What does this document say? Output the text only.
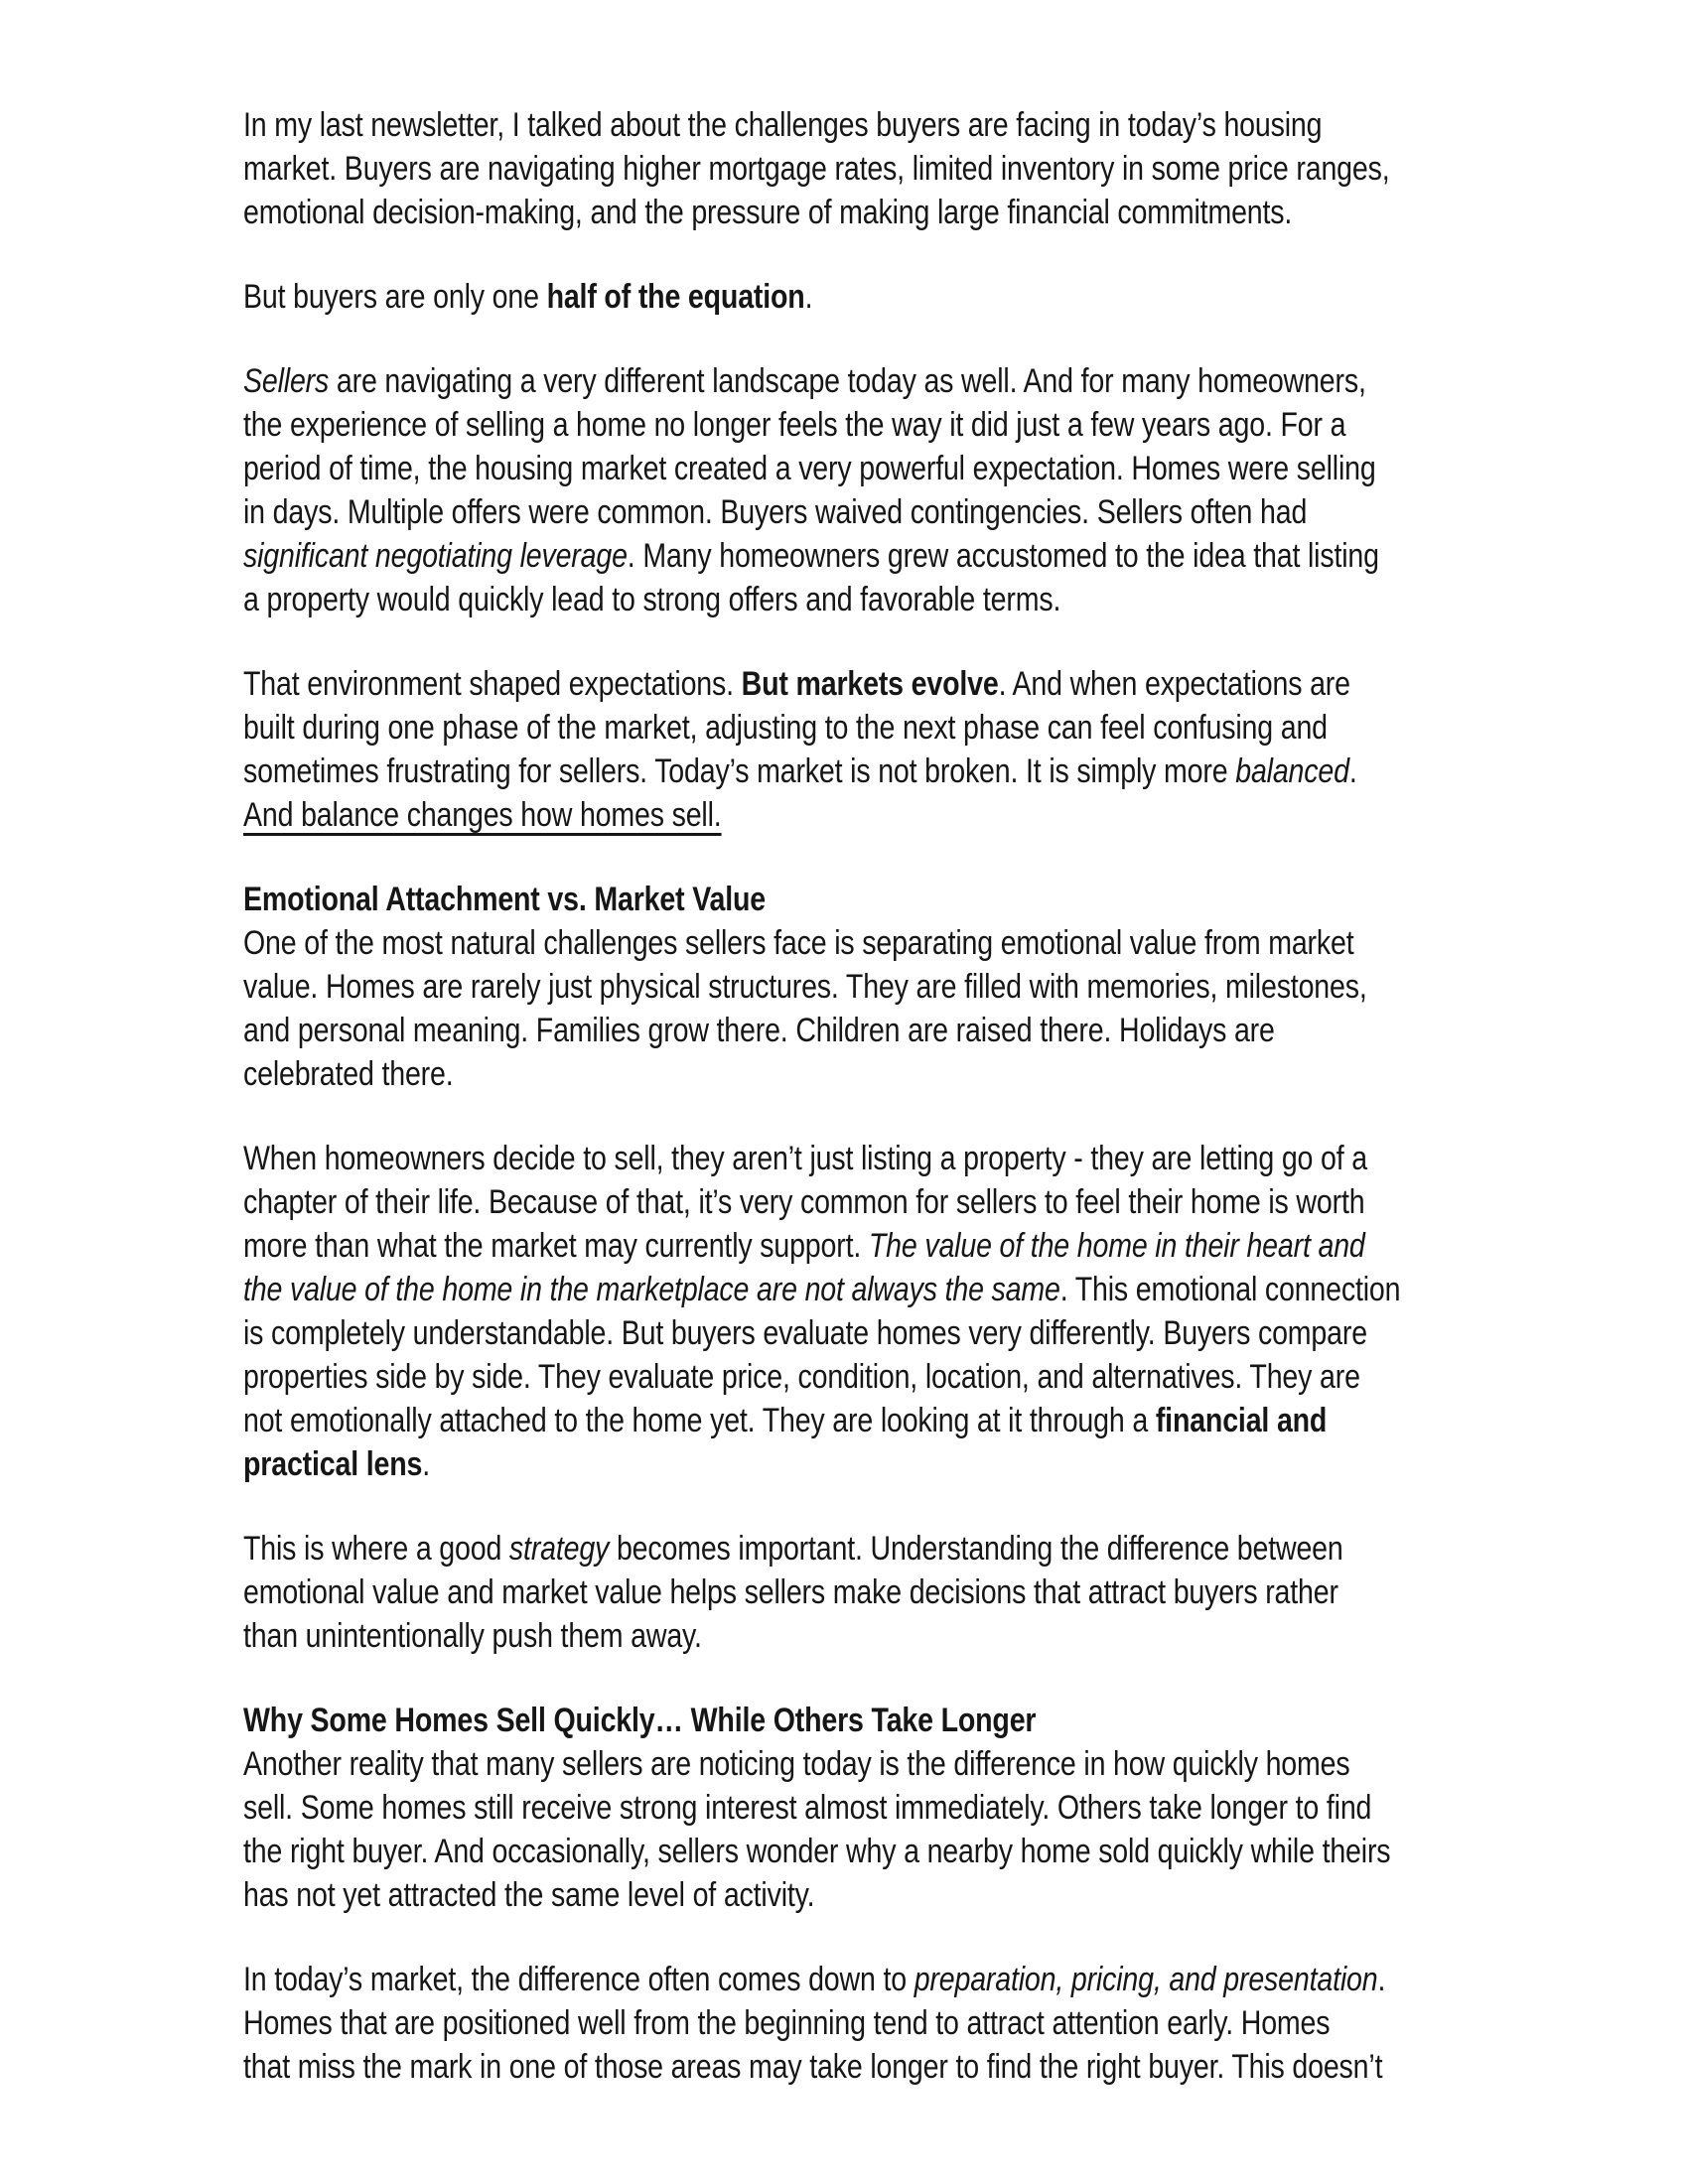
In my last newsletter, I talked about the challenges buyers are facing in today’s housing
market. Buyers are navigating higher mortgage rates, limited inventory in some price ranges,
emotional decision-making, and the pressure of making large financial commitments.
But buyers are only one half of the equation.
Sellers are navigating a very different landscape today as well. And for many homeowners,
the experience of selling a home no longer feels the way it did just a few years ago. For a
period of time, the housing market created a very powerful expectation. Homes were selling
in days. Multiple offers were common. Buyers waived contingencies. Sellers often had
significant negotiating leverage. Many homeowners grew accustomed to the idea that listing
a property would quickly lead to strong offers and favorable terms.
That environment shaped expectations. But markets evolve. And when expectations are
built during one phase of the market, adjusting to the next phase can feel confusing and
sometimes frustrating for sellers. Today’s market is not broken. It is simply more balanced.
And balance changes how homes sell.
Emotional Attachment vs. Market Value
One of the most natural challenges sellers face is separating emotional value from market
value. Homes are rarely just physical structures. They are filled with memories, milestones,
and personal meaning. Families grow there. Children are raised there. Holidays are
celebrated there.
When homeowners decide to sell, they aren’t just listing a property - they are letting go of a
chapter of their life. Because of that, it’s very common for sellers to feel their home is worth
more than what the market may currently support. The value of the home in their heart and
the value of the home in the marketplace are not always the same. This emotional connection
is completely understandable. But buyers evaluate homes very differently. Buyers compare
properties side by side. They evaluate price, condition, location, and alternatives. They are
not emotionally attached to the home yet. They are looking at it through a financial and
practical lens.
This is where a good strategy becomes important. Understanding the difference between
emotional value and market value helps sellers make decisions that attract buyers rather
than unintentionally push them away.
Why Some Homes Sell Quickly… While Others Take Longer
Another reality that many sellers are noticing today is the difference in how quickly homes
sell. Some homes still receive strong interest almost immediately. Others take longer to find
the right buyer. And occasionally, sellers wonder why a nearby home sold quickly while theirs
has not yet attracted the same level of activity.
In today’s market, the difference often comes down to preparation, pricing, and presentation.
Homes that are positioned well from the beginning tend to attract attention early. Homes
that miss the mark in one of those areas may take longer to find the right buyer. This doesn’t
